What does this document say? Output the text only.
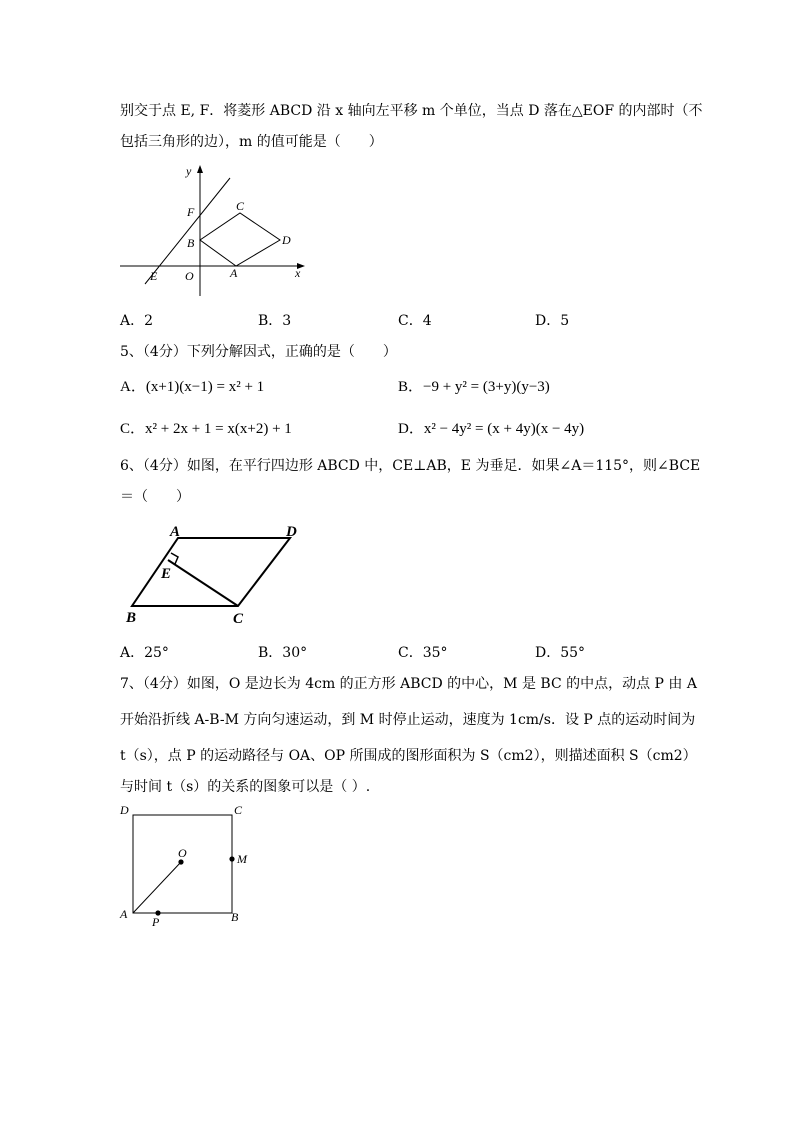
别交于点 E, F．将菱形 ABCD 沿 x 轴向左平移 m 个单位，当点 D 落在△EOF 的内部时（不
包括三角形的边），m 的值可能是（　　）
y
x
F	C
B	D
E O	A
A．2	B．3	C．4	D．5
5、（4分）下列分解因式，正确的是（　　）
A．(x+1)(x−1) = x² + 1	B．−9 + y² = (3+y)(y−3)
C．x² + 2x + 1 = x(x+2) + 1	D．x² − 4y² = (x + 4y)(x − 4y)
6、（4分）如图，在平行四边形 ABCD 中，CE⊥AB，E 为垂足．如果∠A＝115°，则∠BCE
＝（　　）
A	D
E
B	C
A．25°	B．30°	C．35°	D．55°
7、（4分）如图，O 是边长为 4cm 的正方形 ABCD 的中心，M 是 BC 的中点，动点 P 由 A
开始沿折线 A-B-M 方向匀速运动，到 M 时停止运动，速度为 1cm/s．设 P 点的运动时间为
t（s），点 P 的运动路径与 OA、OP 所围成的图形面积为 S（cm2），则描述面积 S（cm2）
与时间 t（s）的关系的图象可以是（ ）.
D	C
O	M
A
P	B
